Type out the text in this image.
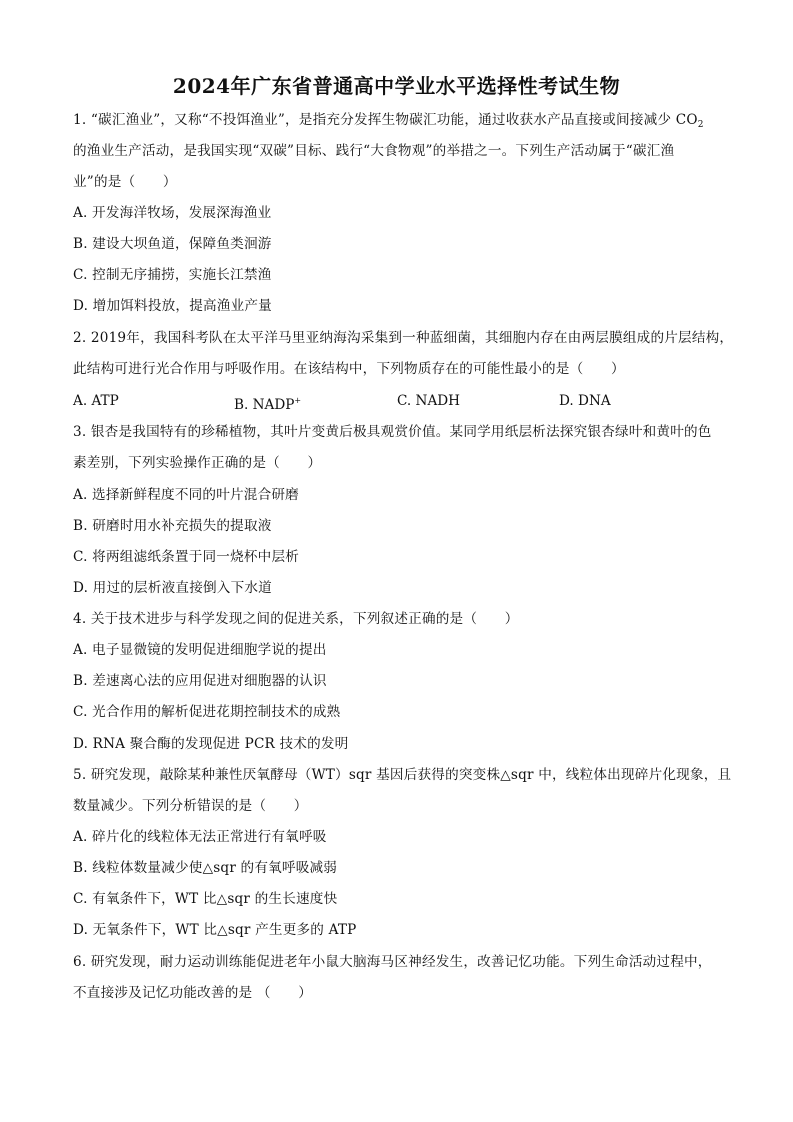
2024年广东省普通高中学业水平选择性考试生物
1. “碳汇渔业”，又称“不投饵渔业”，是指充分发挥生物碳汇功能，通过收获水产品直接或间接减少 $CO_2$
的渔业生产活动，是我国实现“双碳”目标、践行“大食物观”的举措之一。下列生产活动属于“碳汇渔
业”的是（　　）
A. 开发海洋牧场，发展深海渔业
B. 建设大坝鱼道，保障鱼类洄游
C. 控制无序捕捞，实施长江禁渔
D. 增加饵料投放，提高渔业产量
2. 2019年，我国科考队在太平洋马里亚纳海沟采集到一种蓝细菌，其细胞内存在由两层膜组成的片层结构，
此结构可进行光合作用与呼吸作用。在该结构中，下列物质存在的可能性最小的是（　　）
A. ATP	B. NADP+	C. NADH	D. DNA
3. 银杏是我国特有的珍稀植物，其叶片变黄后极具观赏价值。某同学用纸层析法探究银杏绿叶和黄叶的色
素差别，下列实验操作正确的是（　　）
A. 选择新鲜程度不同的叶片混合研磨
B. 研磨时用水补充损失的提取液
C. 将两组滤纸条置于同一烧杯中层析
D. 用过的层析液直接倒入下水道
4. 关于技术进步与科学发现之间的促进关系，下列叙述正确的是（　　）
A. 电子显微镜的发明促进细胞学说的提出
B. 差速离心法的应用促进对细胞器的认识
C. 光合作用的解析促进花期控制技术的成熟
D. RNA 聚合酶的发现促进 PCR 技术的发明
5. 研究发现，敲除某种兼性厌氧酵母（WT）sqr 基因后获得的突变株△sqr 中，线粒体出现碎片化现象，且
数量减少。下列分析错误的是（　　）
A. 碎片化的线粒体无法正常进行有氧呼吸
B. 线粒体数量减少使△sqr 的有氧呼吸减弱
C. 有氧条件下，WT 比△sqr 的生长速度快
D. 无氧条件下，WT 比△sqr 产生更多的 ATP
6. 研究发现，耐力运动训练能促进老年小鼠大脑海马区神经发生，改善记忆功能。下列生命活动过程中，
不直接涉及记忆功能改善的是 （　　）
